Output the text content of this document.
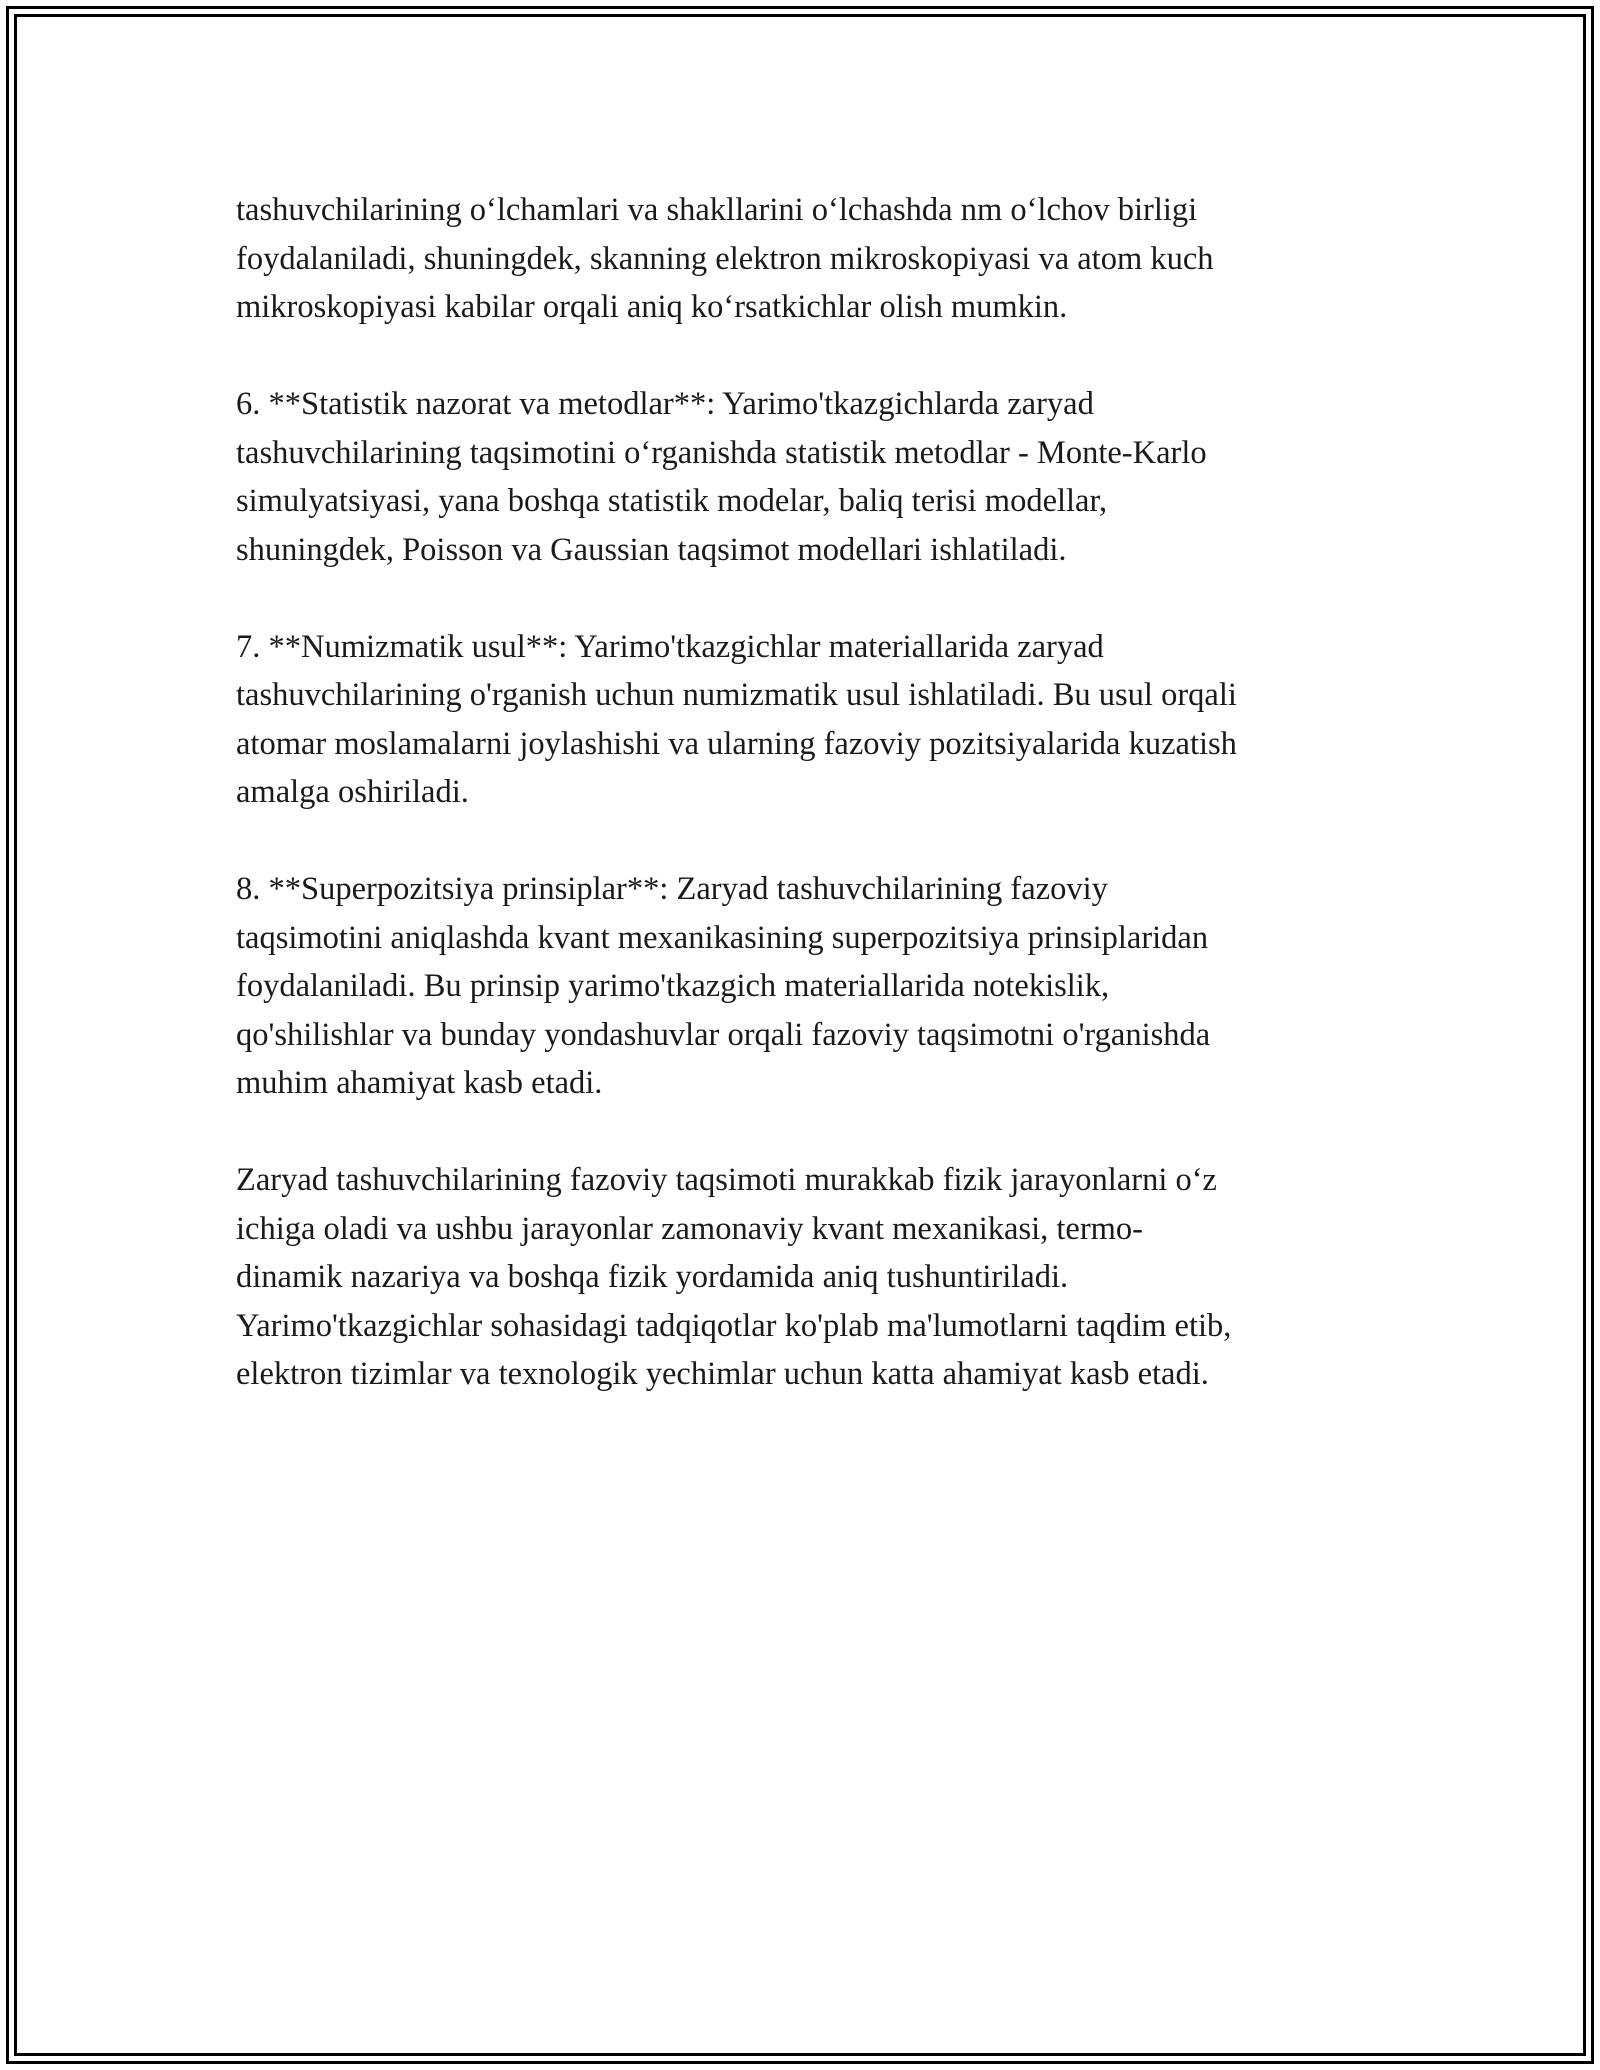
tashuvchilarining o‘lchamlari va shakllarini o‘lchashda nm o‘lchov birligi
foydalaniladi, shuningdek, skanning elektron mikroskopiyasi va atom kuch
mikroskopiyasi kabilar orqali aniq ko‘rsatkichlar olish mumkin.

6. **Statistik nazorat va metodlar**: Yarimo'tkazgichlarda zaryad
tashuvchilarining taqsimotini o‘rganishda statistik metodlar - Monte-Karlo
simulyatsiyasi, yana boshqa statistik modelar, baliq terisi modellar,
shuningdek, Poisson va Gaussian taqsimot modellari ishlatiladi.

7. **Numizmatik usul**: Yarimo'tkazgichlar materiallarida zaryad
tashuvchilarining o'rganish uchun numizmatik usul ishlatiladi. Bu usul orqali
atomar moslamalarni joylashishi va ularning fazoviy pozitsiyalarida kuzatish
amalga oshiriladi.

8. **Superpozitsiya prinsiplar**: Zaryad tashuvchilarining fazoviy
taqsimotini aniqlashda kvant mexanikasining superpozitsiya prinsiplaridan
foydalaniladi. Bu prinsip yarimo'tkazgich materiallarida notekislik,
qo'shilishlar va bunday yondashuvlar orqali fazoviy taqsimotni o'rganishda
muhim ahamiyat kasb etadi.

Zaryad tashuvchilarining fazoviy taqsimoti murakkab fizik jarayonlarni o‘z
ichiga oladi va ushbu jarayonlar zamonaviy kvant mexanikasi, termo-
dinamik nazariya va boshqa fizik yordamida aniq tushuntiriladi.
Yarimo'tkazgichlar sohasidagi tadqiqotlar ko'plab ma'lumotlarni taqdim etib,
elektron tizimlar va texnologik yechimlar uchun katta ahamiyat kasb etadi.
